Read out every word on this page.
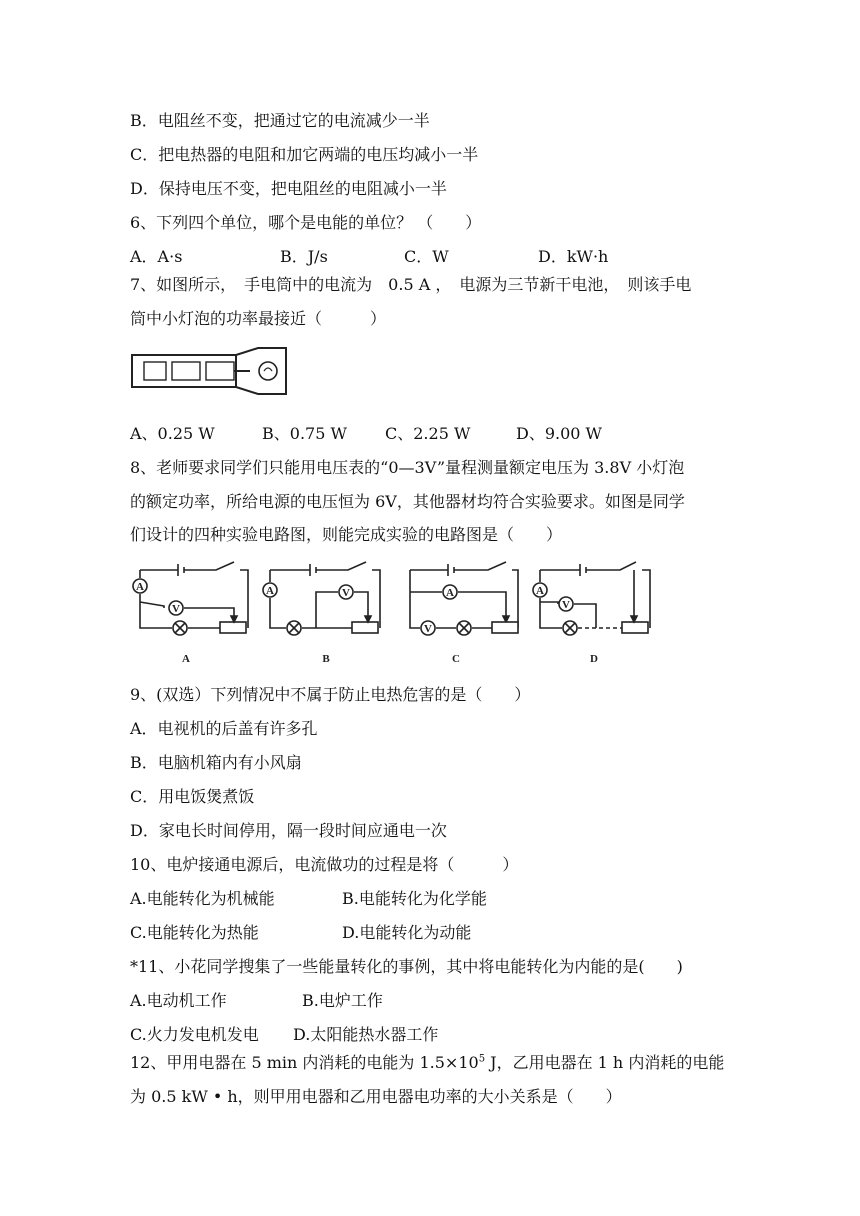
B．电阻丝不变，把通过它的电流减少一半
C．把电热器的电阻和加它两端的电压均减小一半
D．保持电压不变，把电阻丝的电阻减小一半
6、下列四个单位，哪个是电能的单位？ （　　）
A．A·s	B．J/s	C．W	D．kW·h
7、如图所示，　手电筒中的电流为　0.5 A ，　电源为三节新干电池，　则该手电
筒中小灯泡的功率最接近（　　　）
A、0.25 W	B、0.75 W C、2.25 W	D、9.00 W
8、老师要求同学们只能用电压表的“0—3V”量程测量额定电压为 3.8V 小灯泡
的额定功率，所给电源的电压恒为 6V，其他器材均符合实验要求。如图是同学
们设计的四种实验电路图，则能完成实验的电路图是（　　）
A
V
A	V	A
V
A
V
A	B	C	D
9、(双选）下列情况中不属于防止电热危害的是（　　）
A．电视机的后盖有许多孔
B．电脑机箱内有小风扇
C．用电饭煲煮饭
D．家电长时间停用，隔一段时间应通电一次
10、电炉接通电源后，电流做功的过程是将（　　　）
A.电能转化为机械能	B.电能转化为化学能
C.电能转化为热能	D.电能转化为动能
*11、小花同学搜集了一些能量转化的事例，其中将电能转化为内能的是(　　)
A.电动机工作	B.电炉工作
C.火力发电机发电 D.太阳能热水器工作
12、甲用电器在 5 min 内消耗的电能为 $1.5\times 10^5$ J，乙用电器在 1 h 内消耗的电能
为 0.5 kW • h，则甲用电器和乙用电器电功率的大小关系是（　　）
